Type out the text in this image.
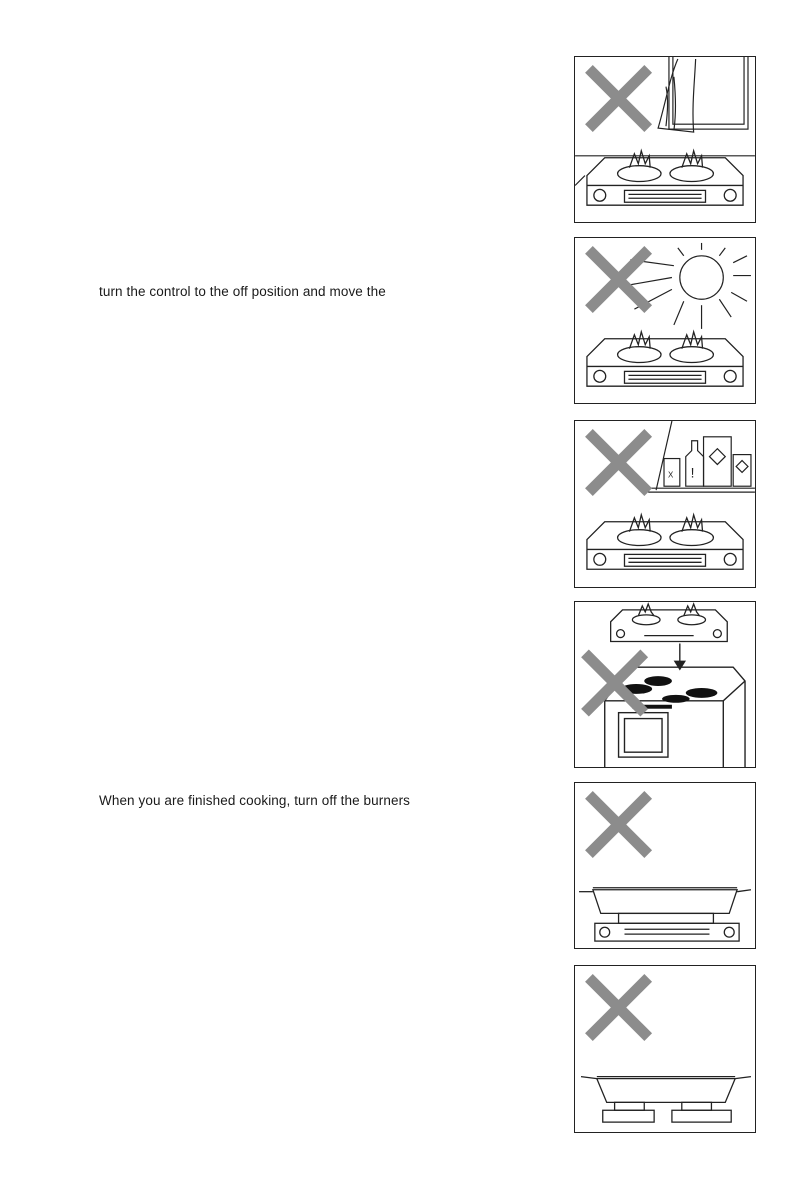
turn the control to the off position and move the
When you are finished cooking, turn off the burners
!
X
